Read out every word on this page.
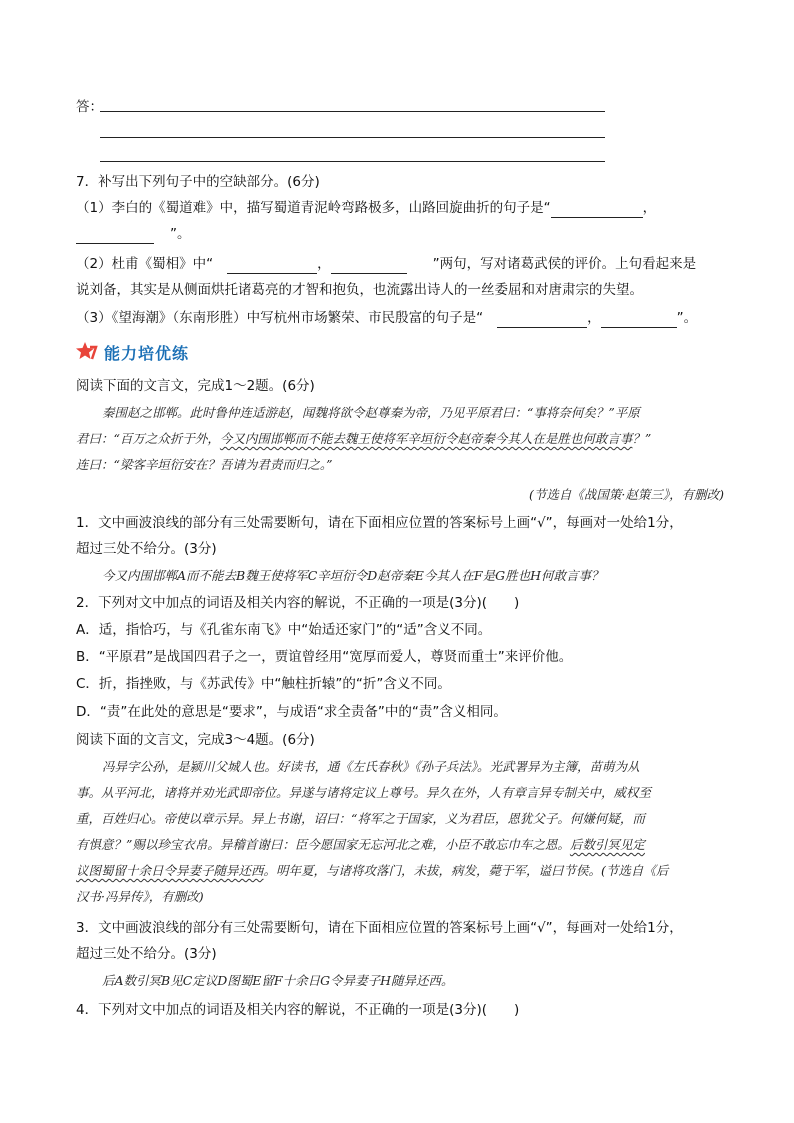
答：
7．补写出下列句子中的空缺部分。(6分)
（1）李白的《蜀道难》中，描写蜀道青泥岭弯路极多，山路回旋曲折的句子是“	，
”。
（2）杜甫《蜀相》中“	，	”两句，写对诸葛武侯的评价。上句看起来是
说刘备，其实是从侧面烘托诸葛亮的才智和抱负，也流露出诗人的一丝委屈和对唐肃宗的失望。
（3）《望海潮》（东南形胜）中写杭州市场繁荣、市民殷富的句子是“	，	”。
能力培优练
阅读下面的文言文，完成1～2题。(6分)
秦围赵之邯郸。此时鲁仲连适游赵，闻魏将欲令赵尊秦为帝，乃见平原君曰：“事将奈何矣？”平原
君曰：“百万之众折于外，今又内围邯郸而不能去魏王使将军辛垣衍令赵帝秦今其人在是胜也何敢言事？”
连曰：“梁客辛垣衍安在？吾请为君责而归之。”
(节选自《战国策·赵策三》，有删改)
1．文中画波浪线的部分有三处需要断句，请在下面相应位置的答案标号上画“√”，每画对一处给1分，
超过三处不给分。(3分)
今又内围邯郸A而不能去B魏王使将军C辛垣衍令D赵帝秦E今其人在F是G胜也H何敢言事？
2．下列对文中加点的词语及相关内容的解说，不正确的一项是(3分)(　　)
A．适，指恰巧，与《孔雀东南飞》中“始适还家门”的“适”含义不同。
B．“平原君”是战国四君子之一，贾谊曾经用“宽厚而爱人，尊贤而重士”来评价他。
C．折，指挫败，与《苏武传》中“触柱折辕”的“折”含义不同。
D．“责”在此处的意思是“要求”，与成语“求全责备”中的“责”含义相同。
阅读下面的文言文，完成3～4题。(6分)
冯异字公孙，是颍川父城人也。好读书，通《左氏春秋》《孙子兵法》。光武署异为主簿，苗萌为从
事。从平河北，诸将并劝光武即帝位。异遂与诸将定议上尊号。异久在外，人有章言异专制关中，威权至
重，百姓归心。帝使以章示异。异上书谢，诏曰：“将军之于国家，义为君臣，恩犹父子。何嫌何疑，而
有惧意？”赐以珍宝衣帛。异稽首谢曰：臣今愿国家无忘河北之难，小臣不敢忘巾车之恩。后数引冥见定
议图蜀留十余日令异妻子随异还西。明年夏，与诸将攻落门，未拔，病发，薨于军，谥曰节侯。(节选自《后
汉书·冯异传》，有删改)
3．文中画波浪线的部分有三处需要断句，请在下面相应位置的答案标号上画“√”，每画对一处给1分，
超过三处不给分。(3分)
后A数引冥B见C定议D图蜀E留F十余日G令异妻子H随异还西。
4．下列对文中加点的词语及相关内容的解说，不正确的一项是(3分)(　　)
